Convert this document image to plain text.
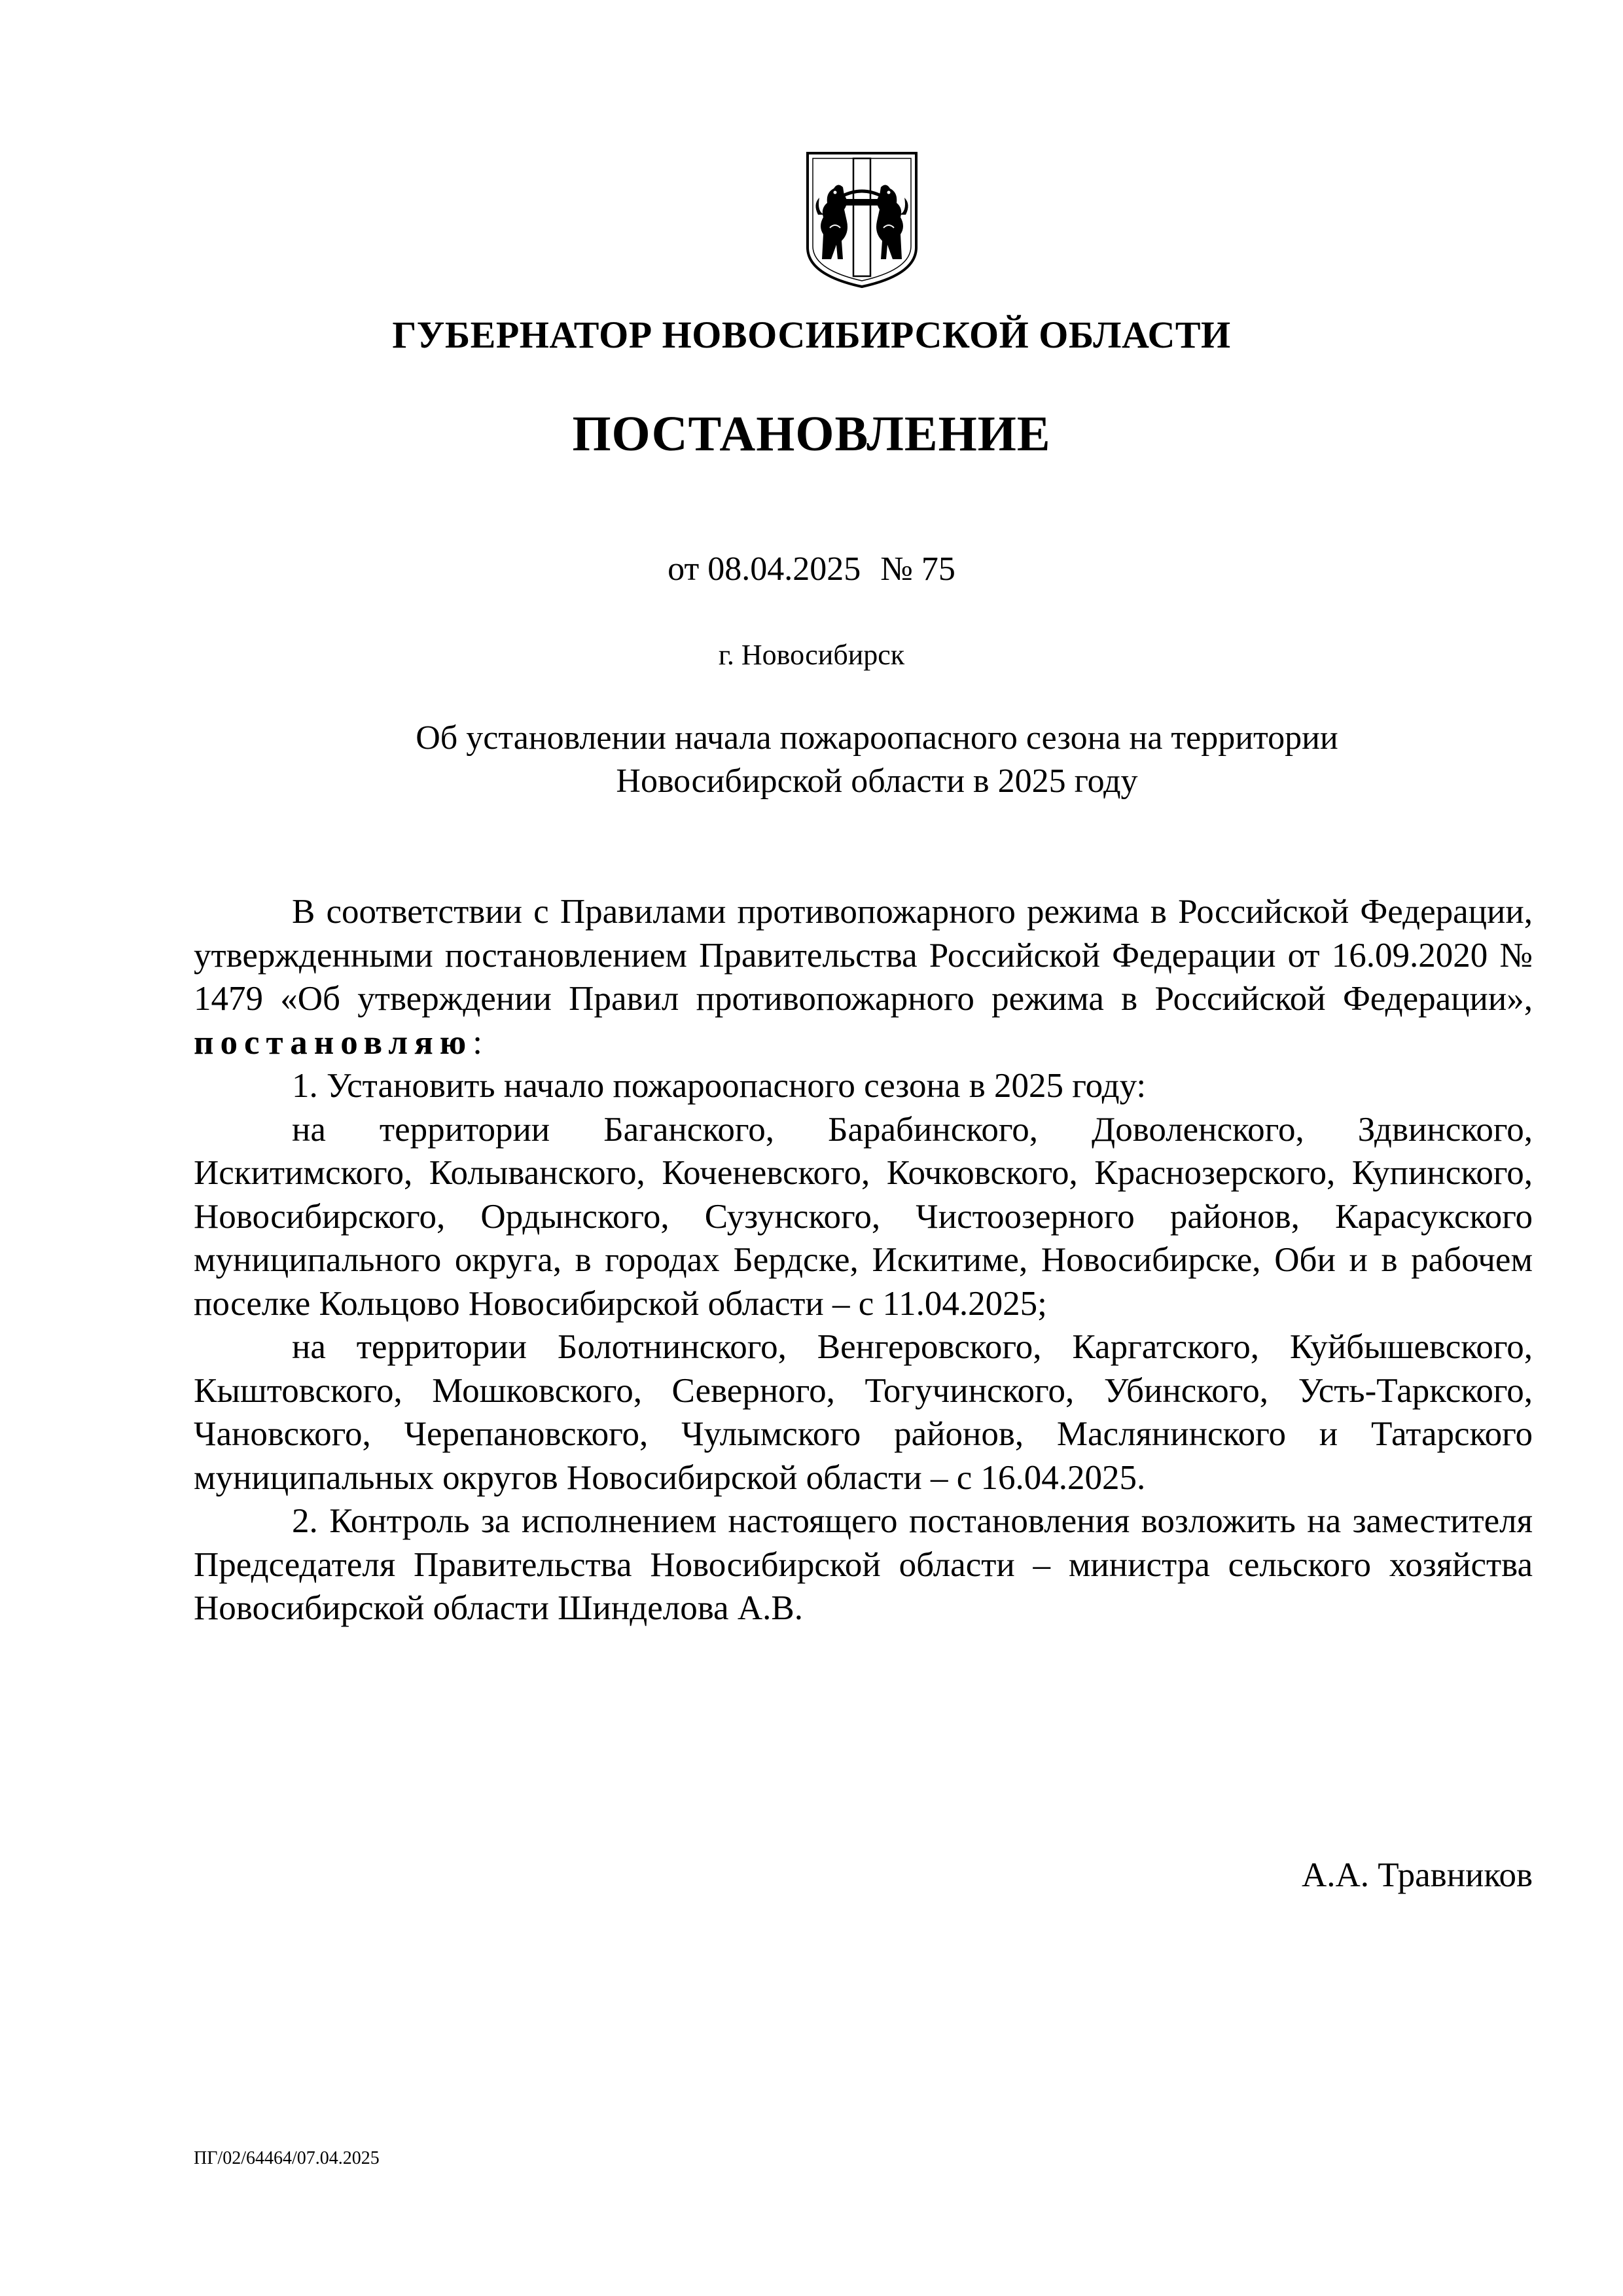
ГУБЕРНАТОР НОВОСИБИРСКОЙ ОБЛАСТИ
ПОСТАНОВЛЕНИЕ
от 08.04.2025 № 75
г. Новосибирск
Об установлении начала пожароопасного сезона на территории
Новосибирской области в 2025 году

В соответствии с Правилами противопожарного режима в Российской Федерации, утвержденными постановлением Правительства Российской Федерации от 16.09.2020 № 1479 «Об утверждении Правил противопожарного режима в Российской Федерации», постановляю:

1. Установить начало пожароопасного сезона в 2025 году:

на территории Баганского, Барабинского, Доволенского, Здвинского, Искитимского, Колыванского, Коченевского, Кочковского, Краснозерского, Купинского, Новосибирского, Ордынского, Сузунского, Чистоозерного районов, Карасукского муниципального округа, в городах Бердске, Искитиме, Новосибирске, Оби и в рабочем поселке Кольцово Новосибирской области – с 11.04.2025;

на территории Болотнинского, Венгеровского, Каргатского, Куйбышевского, Кыштовского, Мошковского, Северного, Тогучинского, Убинского, Усть-Таркского, Чановского, Черепановского, Чулымского районов, Маслянинского и Татарского муниципальных округов Новосибирской области – с 16.04.2025.

2. Контроль за исполнением настоящего постановления возложить на заместителя Председателя Правительства Новосибирской области – министра сельского хозяйства Новосибирской области Шинделова А.В.

А.А. Травников
ПГ/02/64464/07.04.2025
